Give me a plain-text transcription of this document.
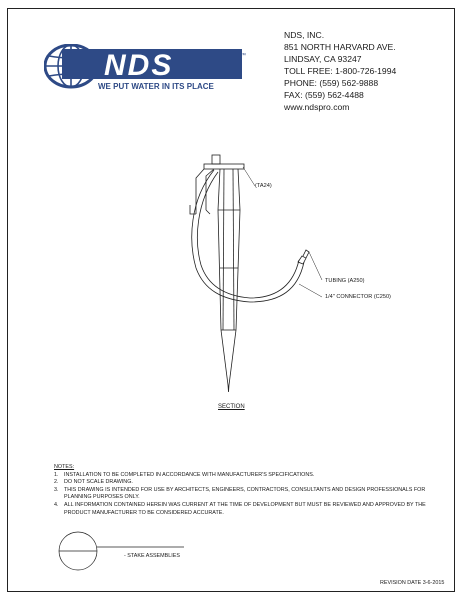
NDS	™
WE PUT WATER IN ITS PLACE
NDS, INC.
851 NORTH HARVARD AVE.
LINDSAY, CA 93247
TOLL FREE: 1-800-726-1994
PHONE: (559) 562-9888
FAX: (559) 562-4488
www.ndspro.com
(TA24)
TUBING (A250)
1/4" CONNECTOR (C250)
SECTION
NOTES:
1. INSTALLATION TO BE COMPLETED IN ACCORDANCE WITH MANUFACTURER'S SPECIFICATIONS.
2. DO NOT SCALE DRAWING.
3. THIS DRAWING IS INTENDED FOR USE BY ARCHITECTS, ENGINEERS, CONTRACTORS, CONSULTANTS AND DESIGN PROFESSIONALS FOR PLANNING PURPOSES ONLY.
4. ALL INFORMATION CONTAINED HEREIN WAS CURRENT AT THE TIME OF DEVELOPMENT BUT MUST BE REVIEWED AND APPROVED BY THE PRODUCT MANUFACTURER TO BE CONSIDERED ACCURATE.
- STAKE ASSEMBLIES
REVISION DATE 3-6-2015
